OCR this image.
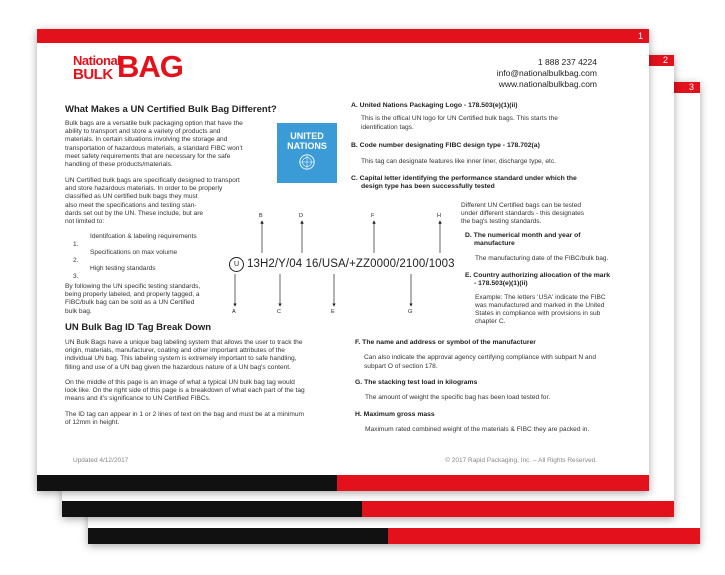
3
2
1
National
BULK BAG	1 888 237 4224
info@nationalbulkbag.com
www.nationalbulkbag.com
What Makes a UN Certified Bulk Bag Different?

Bulk bags are a versatile bulk packaging option that have the

ability to transport and store a variety of products and

materials. In certain situations involving the storage and

transportation of hazardous materials, a standard FIBC won't

meet safety requirements that are necessary for the safe

handling of these products/materials.

UN Certified bulk bags are specifically designed to transport

and store hazardous materials. In order to be properly

classified as UN certified bulk bags they must

also meet the specifications and testing stan-

dards set out by the UN. These include, but are

not limited to:

1.
Identifcation & labeling requirements
2.
Specifications on max volume
3.
High testing standards

By following the UN specific testing standards,

being properly labeled, and properly tagged, a

FIBC/bulk bag can be sold as a UN Certified

bulk bag.

UN Bulk Bag ID Tag Break Down

UN Bulk Bags have a unique bag labeling system that allows the user to track the

origin, materials, manufacturer, coating and other important attributes of the

individual UN bag. This labeling system is extremely important to safe handling,

filling and use of a UN bag given the hazardous nature of a UN bag's content.

On the middle of this page is an image of what a typical UN bulk bag tag would

look like. On the right side of this page is a breakdown of what each part of the tag

means and it's significance to UN Certified FIBCs.

The ID tag can appear in 1 or 2 lines of text on the bag and must be at a minimum

of 12mm in height.

UNITED
NATIONS
U 13H2/Y/04 16/USA/+ZZ0000/2100/1003
B	D	F	H
A	C	E	G
A. United Nations Packaging Logo - 178.503(e)(1)(ii)
This is the offical UN logo for UN Certified bulk bags. This starts the
identification tags.
B. Code number designating FIBC design type - 178.702(a)
This tag can designate features like inner liner, discharge type, etc.
C. Capital letter identifying the performance standard under which the
design type has been successfully tested
Different UN Certified bags can be tested
under different standards - this designates
the bag's testing standards.
D. The numerical month and year of
manufacture
The manufacturing date of the FIBC/bulk bag.
E. Country authorizing allocation of the mark
- 178.503(e)(1)(ii)
Example: The letters 'USA' indicate the FIBC
was manufactured and marked in the United
States in compliance with provisions in sub
chapter C.
F. The name and address or symbol of the manufacturer
Can also indicate the approval agency certifying compliance with subpart N and
subpart O of section 178.
G. The stacking test load in kilograms
The amount of weight the specific bag has been load tested for.
H. Maximum gross mass
Maximum rated combined weight of the materials & FIBC they are packed in.
Updated 4/12/2017	© 2017 Rapid Packaging, Inc. – All Rights Reserved.
